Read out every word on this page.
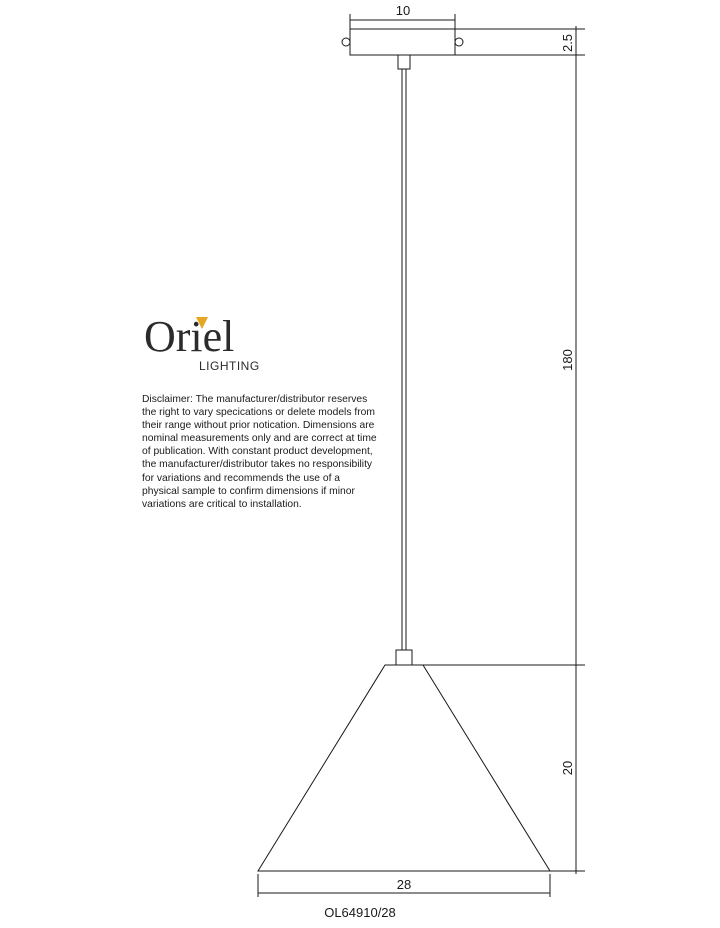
10
2.5
180
20
28
Oriel
LIGHTING

Disclaimer: The manufacturer/distributor reserves the right to vary specications or delete models from their range without prior notication. Dimensions are nominal measurements only and are correct at time of publication. With constant product development, the manufacturer/distributor takes no responsibility for variations and recommends the use of a physical sample to confirm dimensions if minor variations are critical to installation.

OL64910/28
